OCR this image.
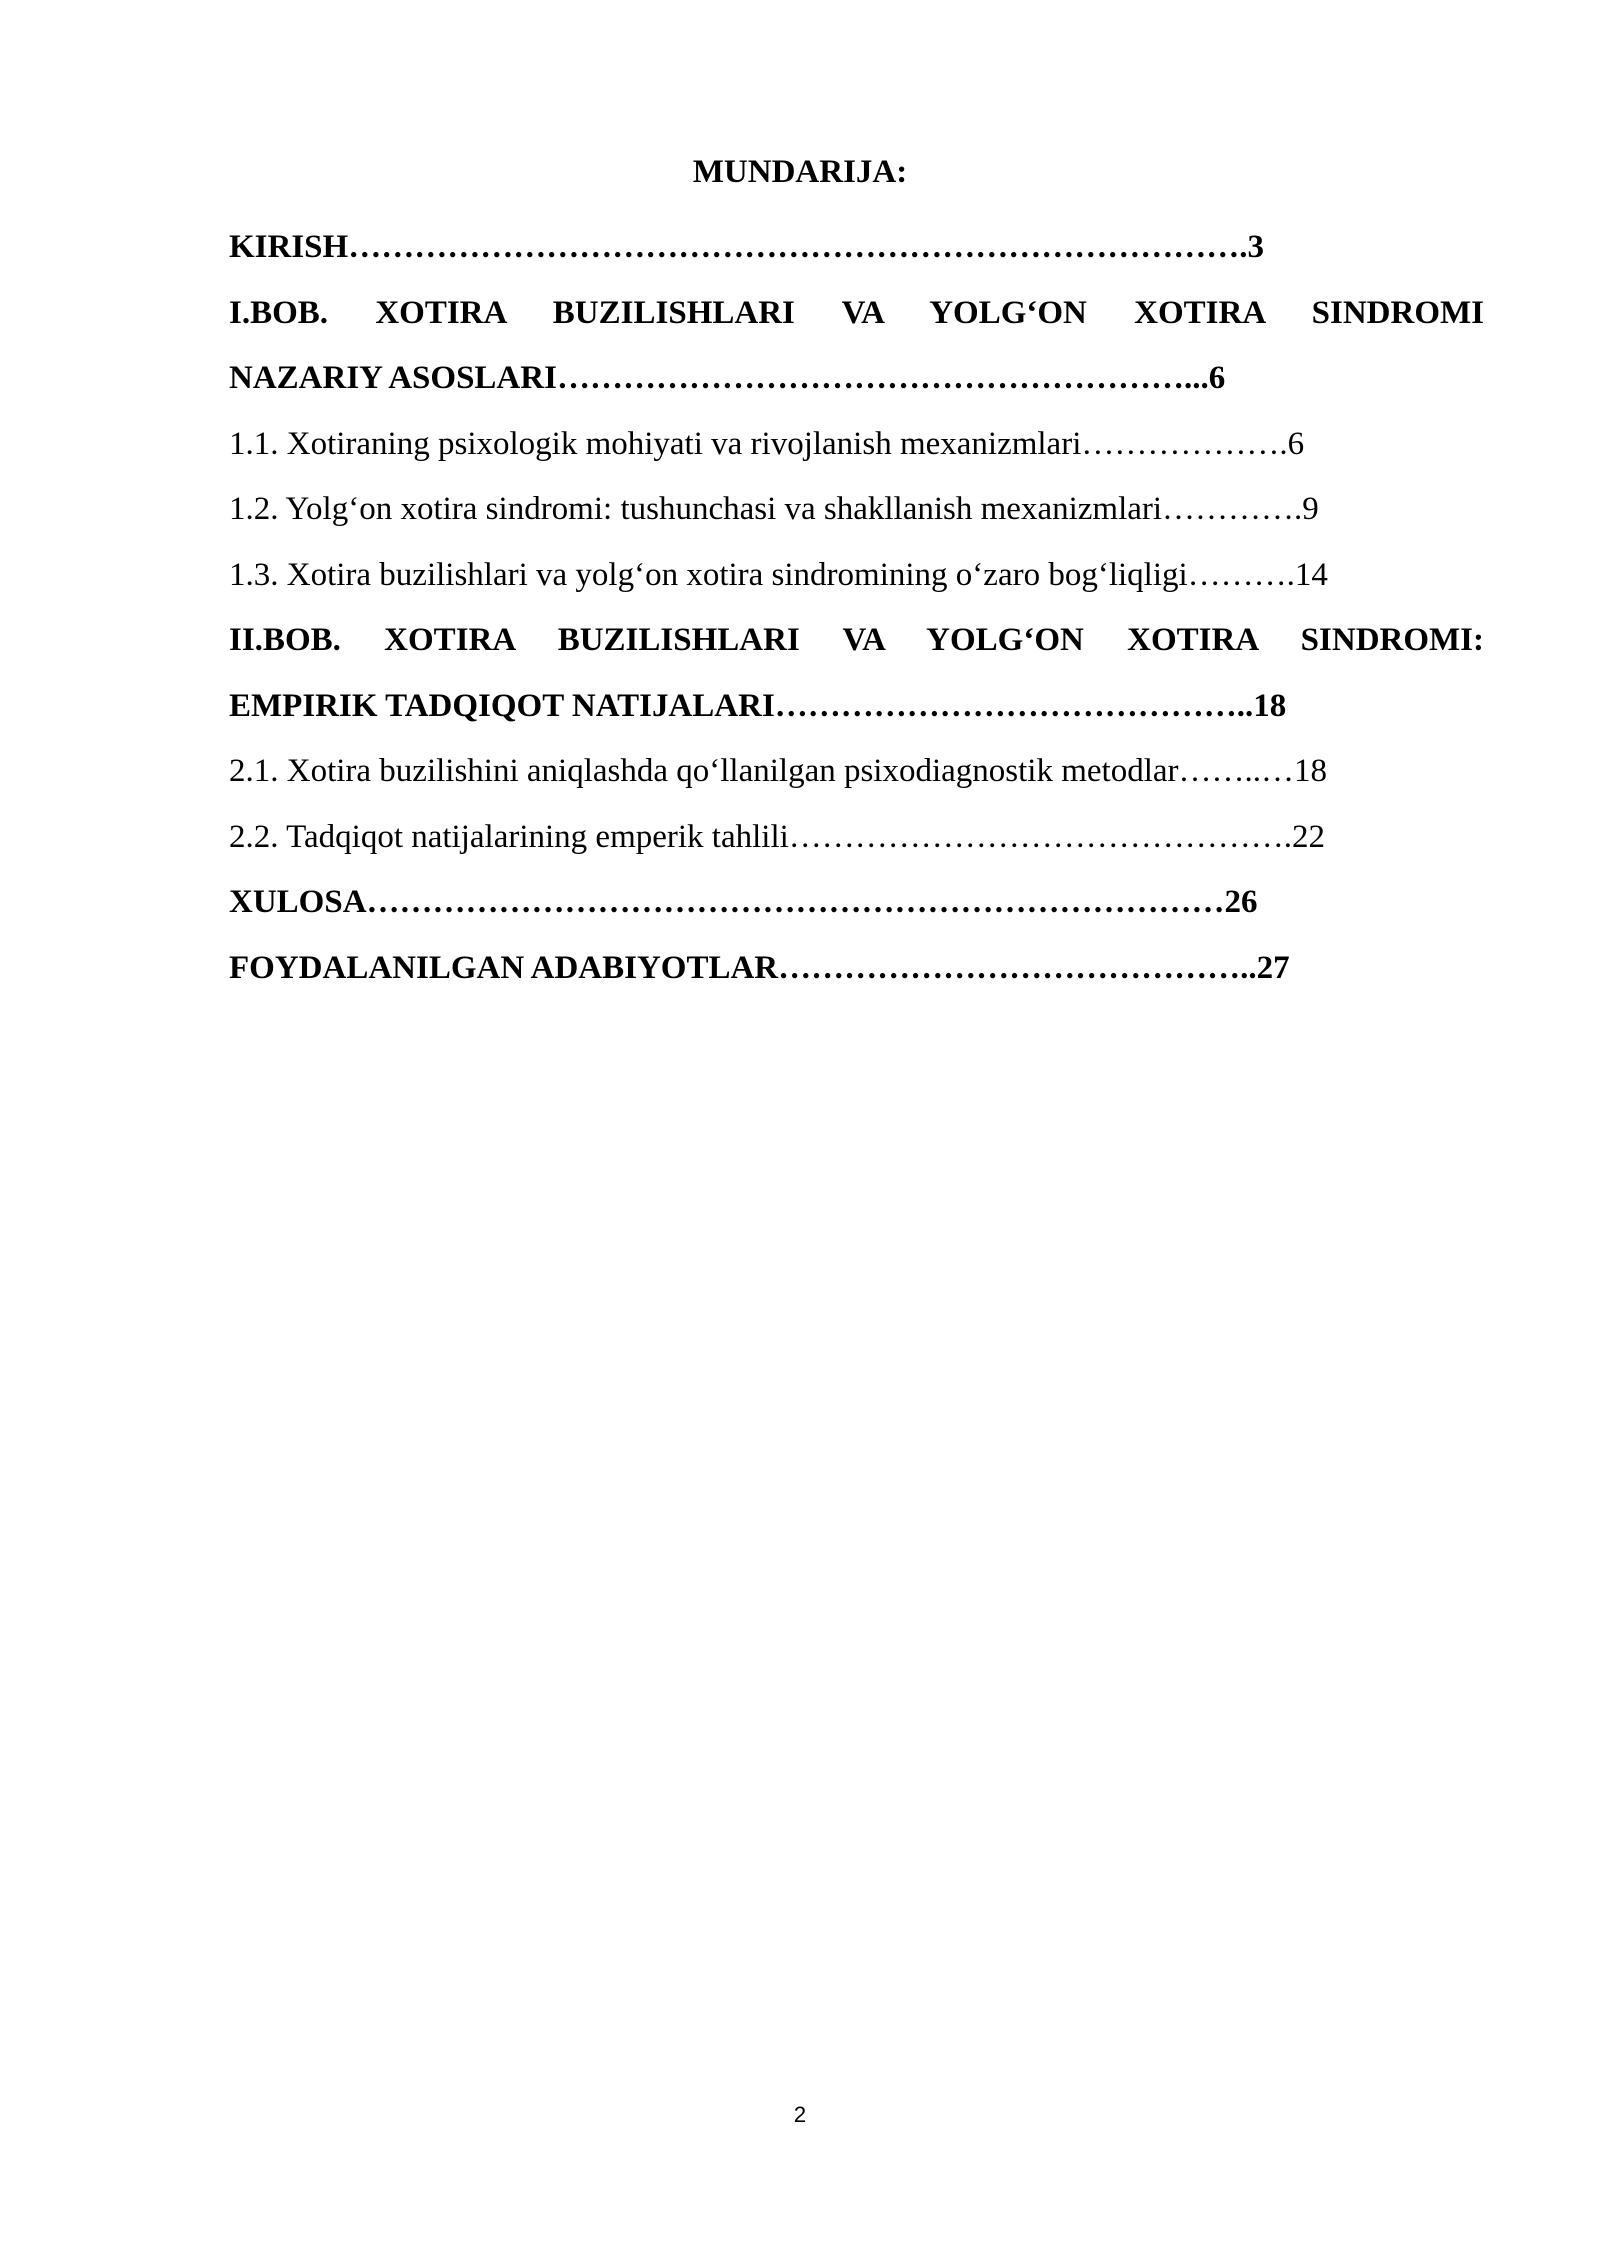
MUNDARIJA:
KIRISH……………………………………………………………………….3
I.BOB. XOTIRA BUZILISHLARI VA YOLG‘ON XOTIRA SINDROMI
NAZARIY ASOSLARI…………………………………………………...6
1.1. Xotiraning psixologik mohiyati va rivojlanish mexanizmlari……………….6
1.2. Yolg‘on xotira sindromi: tushunchasi va shakllanish mexanizmlari………….9
1.3. Xotira buzilishlari va yolg‘on xotira sindromining o‘zaro bog‘liqligi……….14
II.BOB. XOTIRA BUZILISHLARI VA YOLG‘ON XOTIRA SINDROMI:
EMPIRIK TADQIQOT NATIJALARI……………………………………..18
2.1. Xotira buzilishini aniqlashda qo‘llanilgan psixodiagnostik metodlar……..…18
2.2. Tadqiqot natijalarining emperik tahlili……………………………………….22
XULOSA……………………………………………………………………26
FOYDALANILGAN ADABIYOTLAR……………………………………..27
2
